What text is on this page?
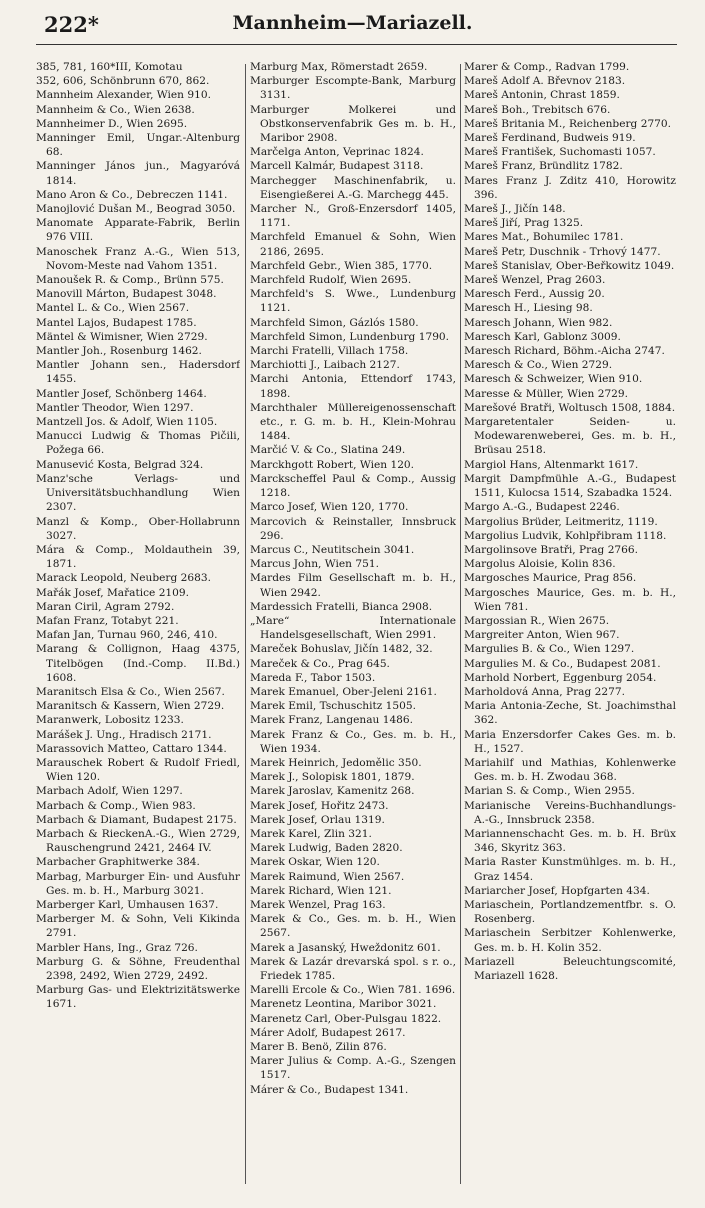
222*	Mannheim—Mariazell.

385, 781, 160*III, Komotau

352, 606, Schönbrunn 670, 862.

Mannheim Alexander, Wien 910.

Mannheim & Co., Wien 2638.

Mannheimer D., Wien 2695.

Manninger Emil, Ungar.-Altenburg 68.

Manninger János jun., Magyaróvá 1814.

Mano Aron & Co., Debreczen 1141.

Manojlović Dušan M., Beograd 3050.

Manomate Apparate-Fabrik, Berlin 976 VIII.

Manoschek Franz A.-G., Wien 513, Novom-Meste nad Vahom 1351.

Manoušek R. & Comp., Brünn 575.

Manovill Márton, Budapest 3048.

Mantel L. & Co., Wien 2567.

Mantel Lajos, Budapest 1785.

Mäntel & Wimisner, Wien 2729.

Mantler Joh., Rosenburg 1462.

Mantler Johann sen., Hadersdorf 1455.

Mantler Josef, Schönberg 1464.

Mantler Theodor, Wien 1297.

Mantzell Jos. & Adolf, Wien 1105.

Manucci Ludwig & Thomas Pičili, Požega 66.

Manusević Kosta, Belgrad 324.

Manz'sche Verlags- und Universitätsbuchhandlung Wien 2307.

Manzl & Komp., Ober-Hollabrunn 3027.

Mára & Comp., Moldauthein 39, 1871.

Marack Leopold, Neuberg 2683.

Mařák Josef, Mařatice 2109.

Maran Ciril, Agram 2792.

Mafan Franz, Totabyt 221.

Mafan Jan, Turnau 960, 246, 410.

Marang & Collignon, Haag 4375, Titelbögen (Ind.-Comp. II.Bd.) 1608.

Maranitsch Elsa & Co., Wien 2567.

Maranitsch & Kassern, Wien 2729.

Maranwerk, Lobositz 1233.

Marášek J. Ung., Hradisch 2171.

Marassovich Matteo, Cattaro 1344.

Marauschek Robert & Rudolf Friedl, Wien 120.

Marbach Adolf, Wien 1297.

Marbach & Comp., Wien 983.

Marbach & Diamant, Budapest 2175.

Marbach & RieckenA.-G., Wien 2729, Rauschengrund 2421, 2464 IV.

Marbacher Graphitwerke 384.

Marbag, Marburger Ein- und Ausfuhr Ges. m. b. H., Marburg 3021.

Marberger Karl, Umhausen 1637.

Marberger M. & Sohn, Veli Kikinda 2791.

Marbler Hans, Ing., Graz 726.

Marburg G. & Söhne, Freudenthal 2398, 2492, Wien 2729, 2492.

Marburg Gas- und Elektrizitätswerke 1671.

Marburg Max, Römerstadt 2659.

Marburger Escompte-Bank, Marburg 3131.

Marburger Molkerei und Obstkonservenfabrik Ges m. b. H., Maribor 2908.

Marčelga Anton, Veprinac 1824.

Marcell Kalmár, Budapest 3118.

Marchegger Maschinenfabrik, u. Eisengießerei A.-G. Marchegg 445.

Marcher N., Groß-Enzersdorf 1405, 1171.

Marchfeld Emanuel & Sohn, Wien 2186, 2695.

Marchfeld Gebr., Wien 385, 1770.

Marchfeld Rudolf, Wien 2695.

Marchfeld's S. Wwe., Lundenburg 1121.

Marchfeld Simon, Gázlós 1580.

Marchfeld Simon, Lundenburg 1790.

Marchi Fratelli, Villach 1758.

Marchiotti J., Laibach 2127.

Marchi Antonia, Ettendorf 1743, 1898.

Marchthaler Müllereigenossenschaft etc., r. G. m. b. H., Klein-Mohrau 1484.

Marčić V. & Co., Slatina 249.

Marckhgott Robert, Wien 120.

Marckscheffel Paul & Comp., Aussig 1218.

Marco Josef, Wien 120, 1770.

Marcovich & Reinstaller, Innsbruck 296.

Marcus C., Neutitschein 3041.

Marcus John, Wien 751.

Mardes Film Gesellschaft m. b. H., Wien 2942.

Mardessich Fratelli, Bianca 2908.

„Mare“ Internationale Handelsgesellschaft, Wien 2991.

Mareček Bohuslav, Jičín 1482, 32.

Mareček & Co., Prag 645.

Mareda F., Tabor 1503.

Marek Emanuel, Ober-Jeleni 2161.

Marek Emil, Tschuschitz 1505.

Marek Franz, Langenau 1486.

Marek Franz & Co., Ges. m. b. H., Wien 1934.

Marek Heinrich, Jedomělic 350.

Marek J., Solopisk 1801, 1879.

Marek Jaroslav, Kamenitz 268.

Marek Josef, Hořitz 2473.

Marek Josef, Orlau 1319.

Marek Karel, Zlin 321.

Marek Ludwig, Baden 2820.

Marek Oskar, Wien 120.

Marek Raimund, Wien 2567.

Marek Richard, Wien 121.

Marek Wenzel, Prag 163.

Marek & Co., Ges. m. b. H., Wien 2567.

Marek a Jasanský, Hweždonitz 601.

Marek & Lazár drevarská spol. s r. o., Friedek 1785.

Marelli Ercole & Co., Wien 781. 1696.

Marenetz Leontina, Maribor 3021.

Marenetz Carl, Ober-Pulsgau 1822.

Márer Adolf, Budapest 2617.

Marer B. Benö, Zilin 876.

Marer Julius & Comp. A.-G., Szengen 1517.

Márer & Co., Budapest 1341.

Marer & Comp., Radvan 1799.

Mareš Adolf A. Břevnov 2183.

Mareš Antonin, Chrast 1859.

Mareš Boh., Trebitsch 676.

Mareš Britania M., Reichenberg 2770.

Mareš Ferdinand, Budweis 919.

Mareš František, Suchomasti 1057.

Mareš Franz, Bründlitz 1782.

Mares Franz J. Zditz 410, Horowitz 396.

Mareš J., Jičín 148.

Mareš Jiří, Prag 1325.

Mares Mat., Bohumilec 1781.

Mareš Petr, Duschnik - Trhový 1477.

Mareš Stanislav, Ober-Beřkowitz 1049.

Mareš Wenzel, Prag 2603.

Maresch Ferd., Aussig 20.

Maresch H., Liesing 98.

Maresch Johann, Wien 982.

Maresch Karl, Gablonz 3009.

Maresch Richard, Böhm.-Aicha 2747.

Maresch & Co., Wien 2729.

Maresch & Schweizer, Wien 910.

Maresse & Müller, Wien 2729.

Marešové Bratři, Woltusch 1508, 1884.

Margaretentaler Seiden- u. Modewarenweberei, Ges. m. b. H., Brüsau 2518.

Margiol Hans, Altenmarkt 1617.

Margit Dampfmühle A.-G., Budapest 1511, Kulocsa 1514, Szabadka 1524.

Margo A.-G., Budapest 2246.

Margolius Brüder, Leitmeritz, 1119.

Margolius Ludvik, Kohlpřibram 1118.

Margolinsove Bratři, Prag 2766.

Margolus Aloisie, Kolin 836.

Margosches Maurice, Prag 856.

Margosches Maurice, Ges. m. b. H., Wien 781.

Margossian R., Wien 2675.

Margreiter Anton, Wien 967.

Margulies B. & Co., Wien 1297.

Margulies M. & Co., Budapest 2081.

Marhold Norbert, Eggenburg 2054.

Marholdová Anna, Prag 2277.

Maria Antonia-Zeche, St. Joachimsthal 362.

Maria Enzersdorfer Cakes Ges. m. b. H., 1527.

Mariahilf und Mathias, Kohlenwerke Ges. m. b. H. Zwodau 368.

Marian S. & Comp., Wien 2955.

Marianische Vereins-Buchhandlungs-A.-G., Innsbruck 2358.

Mariannenschacht Ges. m. b. H. Brüx 346, Skyritz 363.

Maria Raster Kunstmühlges. m. b. H., Graz 1454.

Mariarcher Josef, Hopfgarten 434.

Mariaschein, Portlandzementfbr. s. O. Rosenberg.

Mariaschein Serbitzer Kohlenwerke, Ges. m. b. H. Kolin 352.

Mariazell Beleuchtungscomité, Mariazell 1628.
